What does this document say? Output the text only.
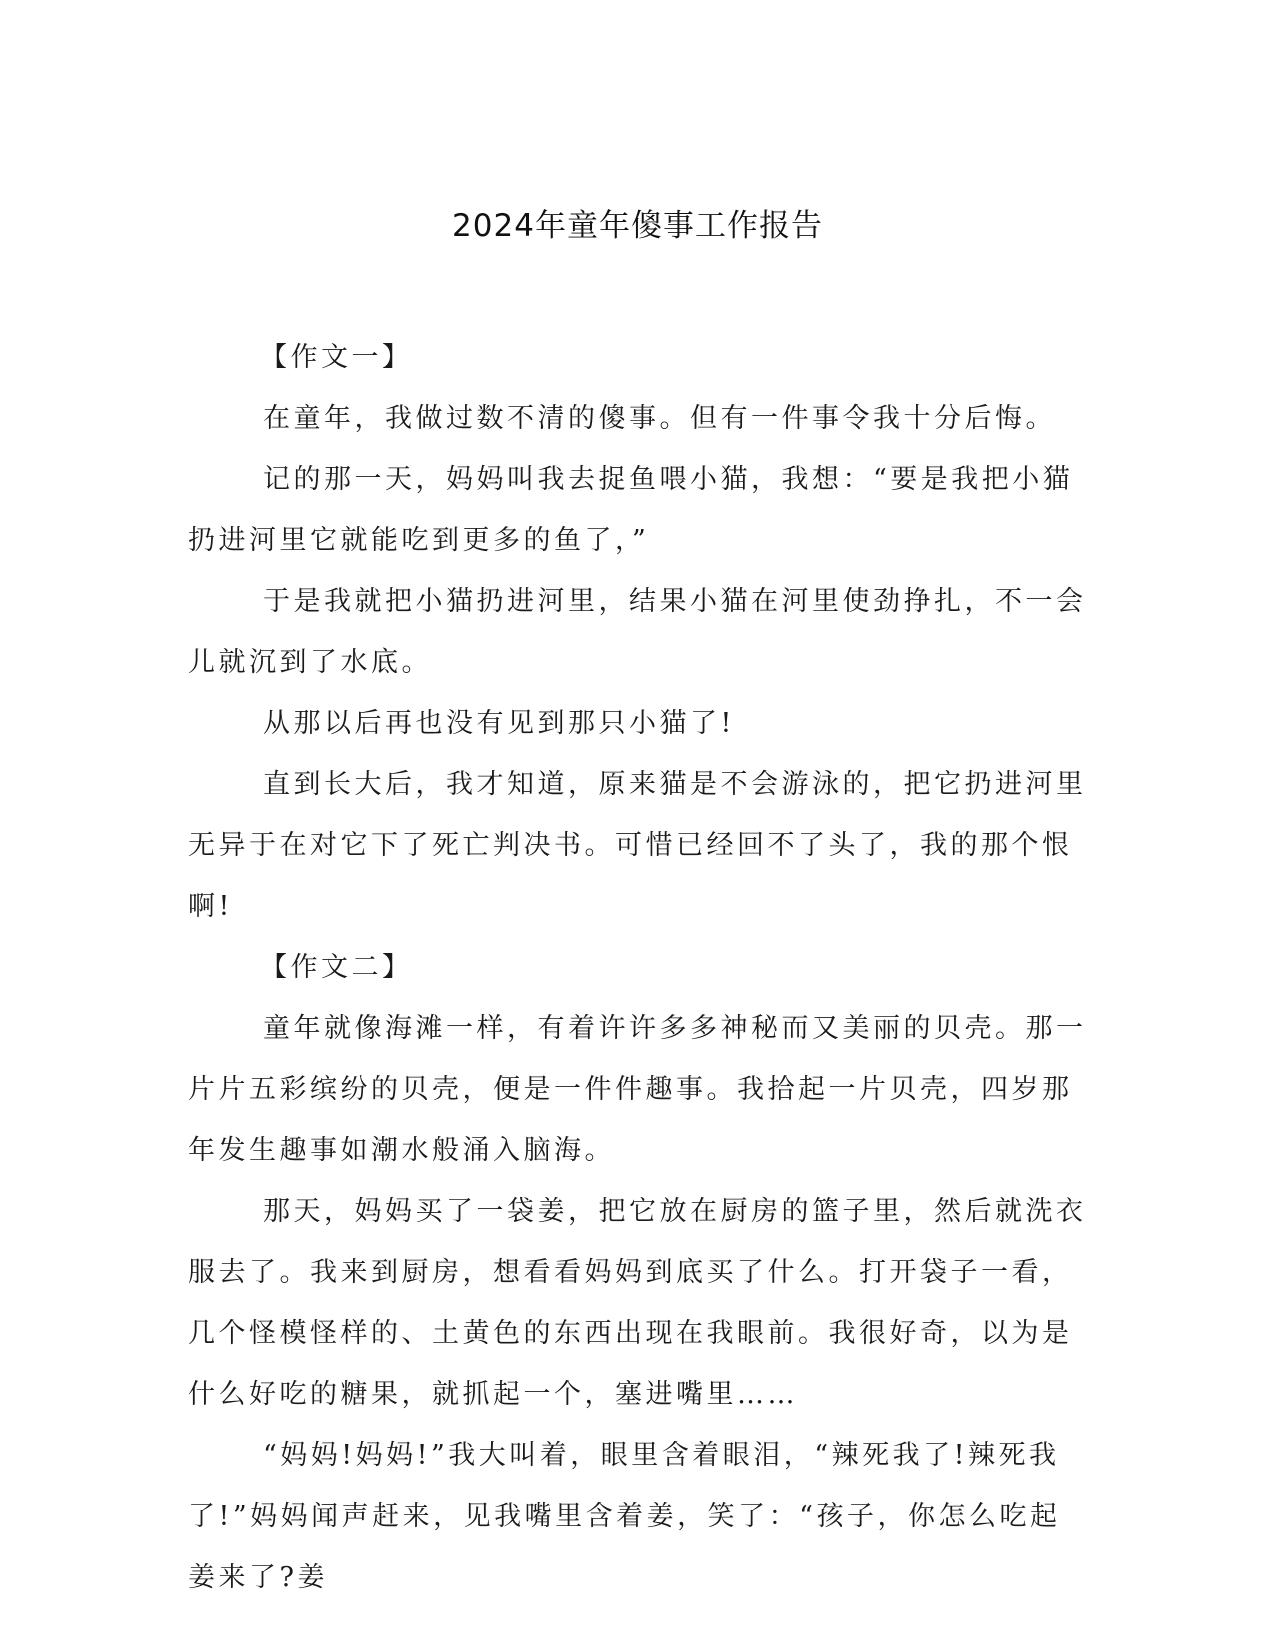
2024年童年傻事工作报告

【作文一】

在童年，我做过数不清的傻事。但有一件事令我十分后悔。

记的那一天，妈妈叫我去捉鱼喂小猫，我想：“要是我把小猫扔进河里它就能吃到更多的鱼了，”

于是我就把小猫扔进河里，结果小猫在河里使劲挣扎，不一会儿就沉到了水底。

从那以后再也没有见到那只小猫了!

直到长大后，我才知道，原来猫是不会游泳的，把它扔进河里无异于在对它下了死亡判决书。可惜已经回不了头了，我的那个恨啊!

【作文二】

童年就像海滩一样，有着许许多多神秘而又美丽的贝壳。那一片片五彩缤纷的贝壳，便是一件件趣事。我拾起一片贝壳，四岁那年发生趣事如潮水般涌入脑海。

那天，妈妈买了一袋姜，把它放在厨房的篮子里，然后就洗衣服去了。我来到厨房，想看看妈妈到底买了什么。打开袋子一看，几个怪模怪样的、土黄色的东西出现在我眼前。我很好奇，以为是什么好吃的糖果，就抓起一个，塞进嘴里……

“妈妈!妈妈!”我大叫着，眼里含着眼泪，“辣死我了!辣死我了!”妈妈闻声赶来，见我嘴里含着姜，笑了：“孩子，你怎么吃起姜来了?姜
